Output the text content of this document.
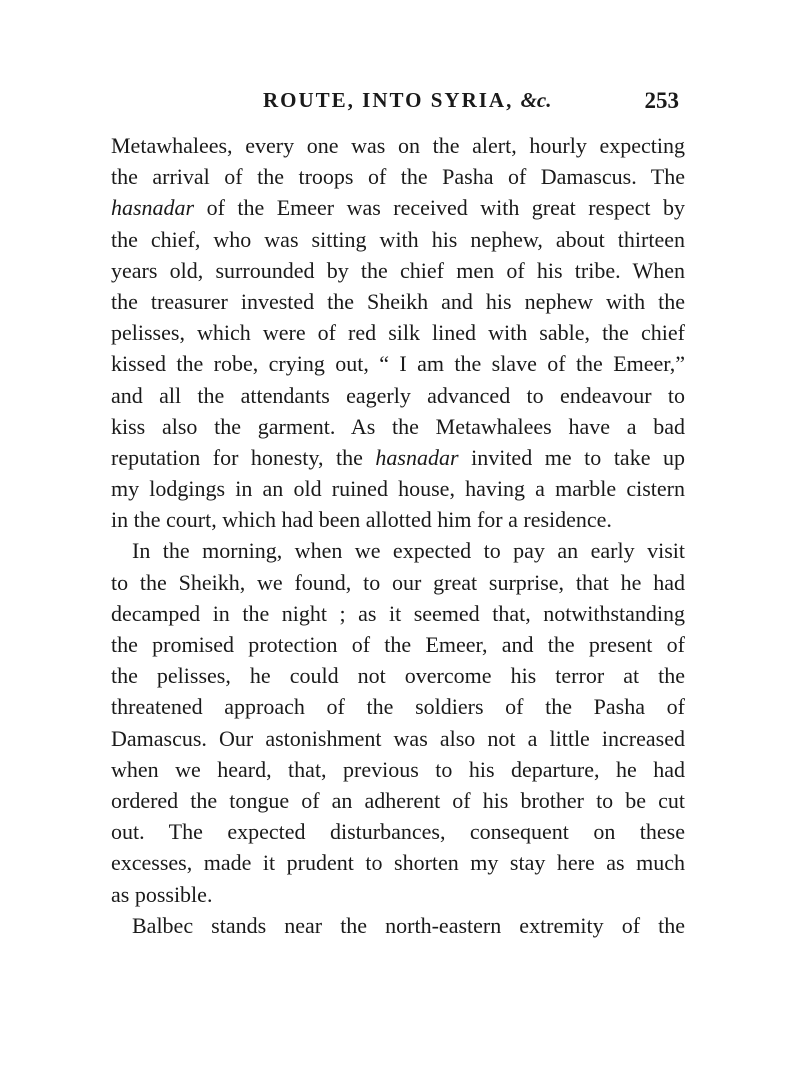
ROUTE, INTO SYRIA, &c.	253
Metawhalees, every one was on the alert, hourly expecting
the arrival of the troops of the Pasha of Damascus. The
hasnadar of the Emeer was received with great respect by
the chief, who was sitting with his nephew, about thirteen
years old, surrounded by the chief men of his tribe. When
the treasurer invested the Sheikh and his nephew with the
pelisses, which were of red silk lined with sable, the chief
kissed the robe, crying out, “ I am the slave of the Emeer,”
and all the attendants eagerly advanced to endeavour to
kiss also the garment. As the Metawhalees have a bad
reputation for honesty, the hasnadar invited me to take up
my lodgings in an old ruined house, having a marble cistern
in the court, which had been allotted him for a residence.
In the morning, when we expected to pay an early visit
to the Sheikh, we found, to our great surprise, that he had
decamped in the night ; as it seemed that, notwithstanding
the promised protection of the Emeer, and the present of
the pelisses, he could not overcome his terror at the
threatened approach of the soldiers of the Pasha of
Damascus. Our astonishment was also not a little increased
when we heard, that, previous to his departure, he had
ordered the tongue of an adherent of his brother to be cut
out. The expected disturbances, consequent on these
excesses, made it prudent to shorten my stay here as much
as possible.
Balbec stands near the north-eastern extremity of the
